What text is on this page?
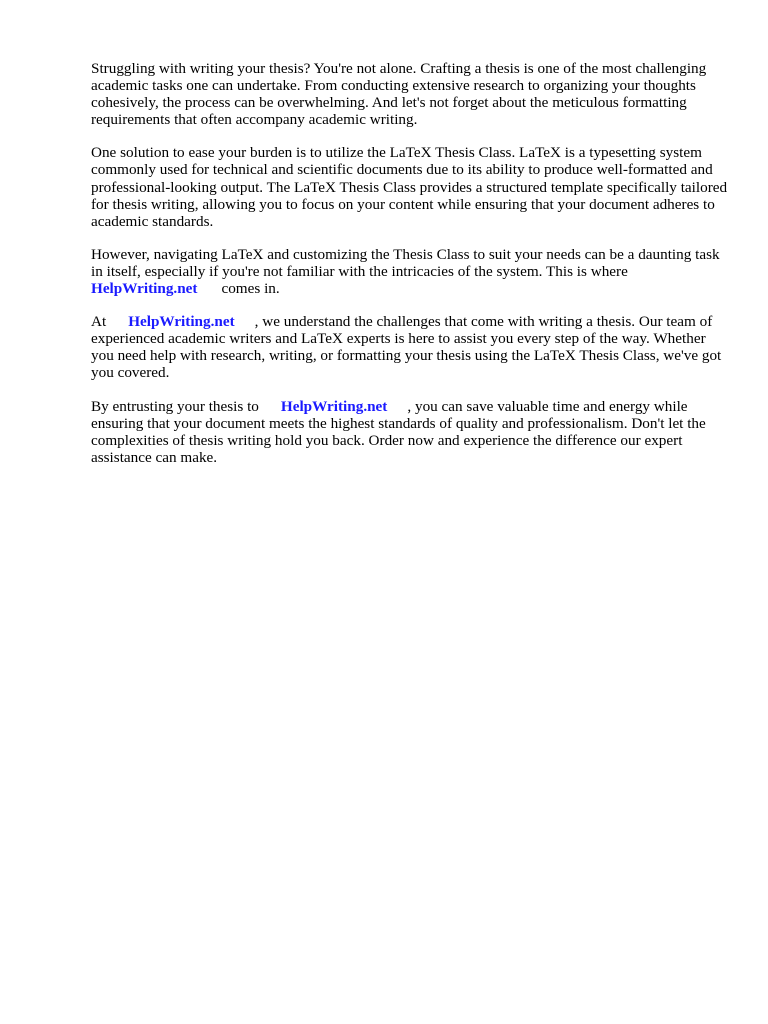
Struggling with writing your thesis? You're not alone. Crafting a thesis is one of the most challenging academic tasks one can undertake. From conducting extensive research to organizing your thoughts cohesively, the process can be overwhelming. And let's not forget about the meticulous formatting requirements that often accompany academic writing.

One solution to ease your burden is to utilize the LaTeX Thesis Class. LaTeX is a typesetting system commonly used for technical and scientific documents due to its ability to produce well-formatted and professional-looking output. The LaTeX Thesis Class provides a structured template specifically tailored for thesis writing, allowing you to focus on your content while ensuring that your document adheres to academic standards.

However, navigating LaTeX and customizing the Thesis Class to suit your needs can be a daunting task in itself, especially if you're not familiar with the intricacies of the system. This is where
HelpWriting.net comes in.

At HelpWriting.net , we understand the challenges that come with writing a thesis. Our team of experienced academic writers and LaTeX experts is here to assist you every step of the way. Whether you need help with research, writing, or formatting your thesis using the LaTeX Thesis Class, we've got you covered.

By entrusting your thesis to HelpWriting.net , you can save valuable time and energy while ensuring that your document meets the highest standards of quality and professionalism. Don't let the complexities of thesis writing hold you back. Order now and experience the difference our expert assistance can make.
